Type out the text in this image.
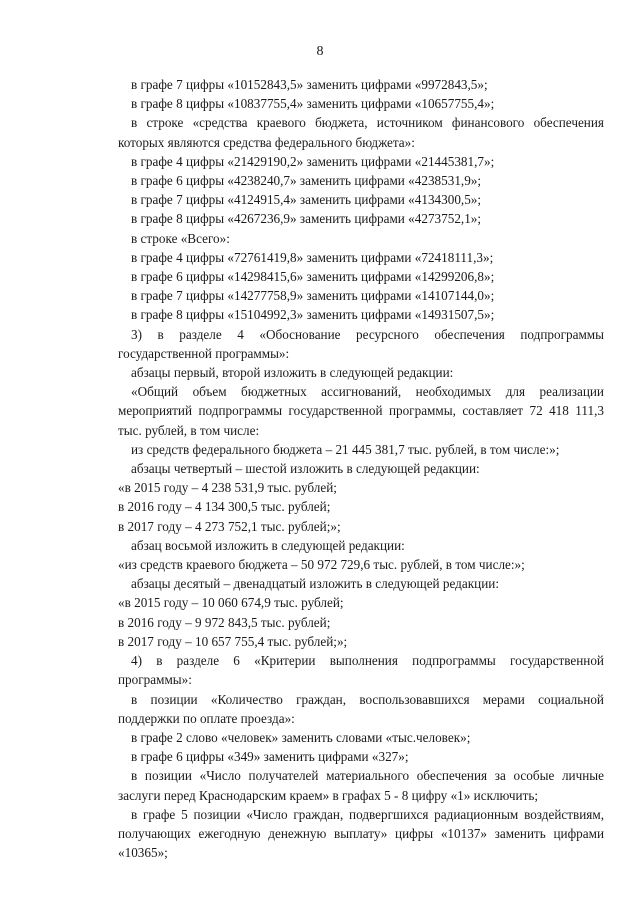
8

в графе 7 цифры «10152843,5» заменить цифрами «9972843,5»;

в графе 8 цифры «10837755,4» заменить цифрами «10657755,4»;

в строке «средства краевого бюджета, источником финансового обеспечения которых являются средства федерального бюджета»:

в графе 4 цифры «21429190,2» заменить цифрами «21445381,7»;

в графе 6 цифры «4238240,7» заменить цифрами «4238531,9»;

в графе 7 цифры «4124915,4» заменить цифрами «4134300,5»;

в графе 8 цифры «4267236,9» заменить цифрами «4273752,1»;

в строке «Всего»:

в графе 4 цифры «72761419,8» заменить цифрами «72418111,3»;

в графе 6 цифры «14298415,6» заменить цифрами «14299206,8»;

в графе 7 цифры «14277758,9» заменить цифрами «14107144,0»;

в графе 8 цифры «15104992,3» заменить цифрами «14931507,5»;

3) в разделе 4 «Обоснование ресурсного обеспечения подпрограммы государственной программы»:

абзацы первый, второй изложить в следующей редакции:

«Общий объем бюджетных ассигнований, необходимых для реализации мероприятий подпрограммы государственной программы, составляет 72 418 111,3 тыс. рублей, в том числе:

из средств федерального бюджета – 21 445 381,7 тыс. рублей, в том числе:»;

абзацы четвертый – шестой изложить в следующей редакции:

«в 2015 году – 4 238 531,9 тыс. рублей;

в 2016 году – 4 134 300,5 тыс. рублей;

в 2017 году – 4 273 752,1 тыс. рублей;»;

абзац восьмой изложить в следующей редакции:

«из средств краевого бюджета – 50 972 729,6 тыс. рублей, в том числе:»;

абзацы десятый – двенадцатый изложить в следующей редакции:

«в 2015 году – 10 060 674,9 тыс. рублей;

в 2016 году – 9 972 843,5 тыс. рублей;

в 2017 году – 10 657 755,4 тыс. рублей;»;

4) в разделе 6 «Критерии выполнения подпрограммы государственной программы»:

в позиции «Количество граждан, воспользовавшихся мерами социальной поддержки по оплате проезда»:

в графе 2 слово «человек» заменить словами «тыс.человек»;

в графе 6 цифры «349» заменить цифрами «327»;

в позиции «Число получателей материального обеспечения за особые личные заслуги перед Краснодарским краем» в графах 5 - 8 цифру «1» исключить;

в графе 5 позиции «Число граждан, подвергшихся радиационным воздействиям, получающих ежегодную денежную выплату» цифры «10137» заменить цифрами «10365»;
